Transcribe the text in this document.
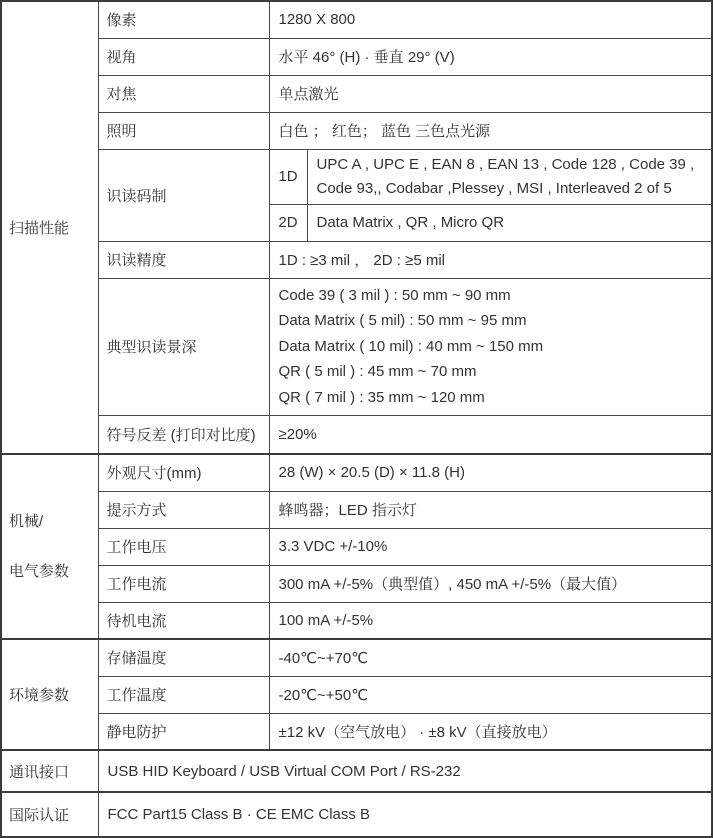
扫描性能	像素	1280 X 800	
	视角	水平 46° (H) · 垂直 29° (V)	
	对焦	单点激光	
	照明	白色 ； 红色； 蓝色 三色点光源	
	识读码制	1D	UPC A , UPC E , EAN 8 , EAN 13 , Code 128 , Code 39 ,
Code 93,, Codabar ,Plessey , MSI , Interleaved 2 of 5

		2D	Data Matrix , QR , Micro QR
	识读精度	1D : ≥3 mil ， 2D : ≥5 mil	
	典型识读景深	Code 39 ( 3 mil ) : 50 mm ~ 90 mm
Data Matrix ( 5 mil) : 50 mm ~ 95 mm
Data Matrix ( 10 mil) : 40 mm ~ 150 mm
QR ( 5 mil ) : 45 mm ~ 70 mm
QR ( 7 mil ) : 35 mm ~ 120 mm	

	符号反差 (打印对比度)	≥20%	

机械/
电气参数	外观尺寸(mm)	28 (W) × 20.5 (D) × 11.8 (H)	
	提示方式	蜂鸣器；LED 指示灯	
	工作电压	3.3 VDC +/-10%	
	工作电流	300 mA +/-5%（典型值）, 450 mA +/-5%（最大值）	
	待机电流	100 mA +/-5%	
环境参数	存储温度	-40℃~+70℃	
	工作温度	-20℃~+50℃	
	静电防护	±12 kV（空气放电） · ±8 kV（直接放电）	
通讯接口	USB HID Keyboard / USB Virtual COM Port / RS-232		
国际认证	FCC Part15 Class B · CE EMC Class B		
